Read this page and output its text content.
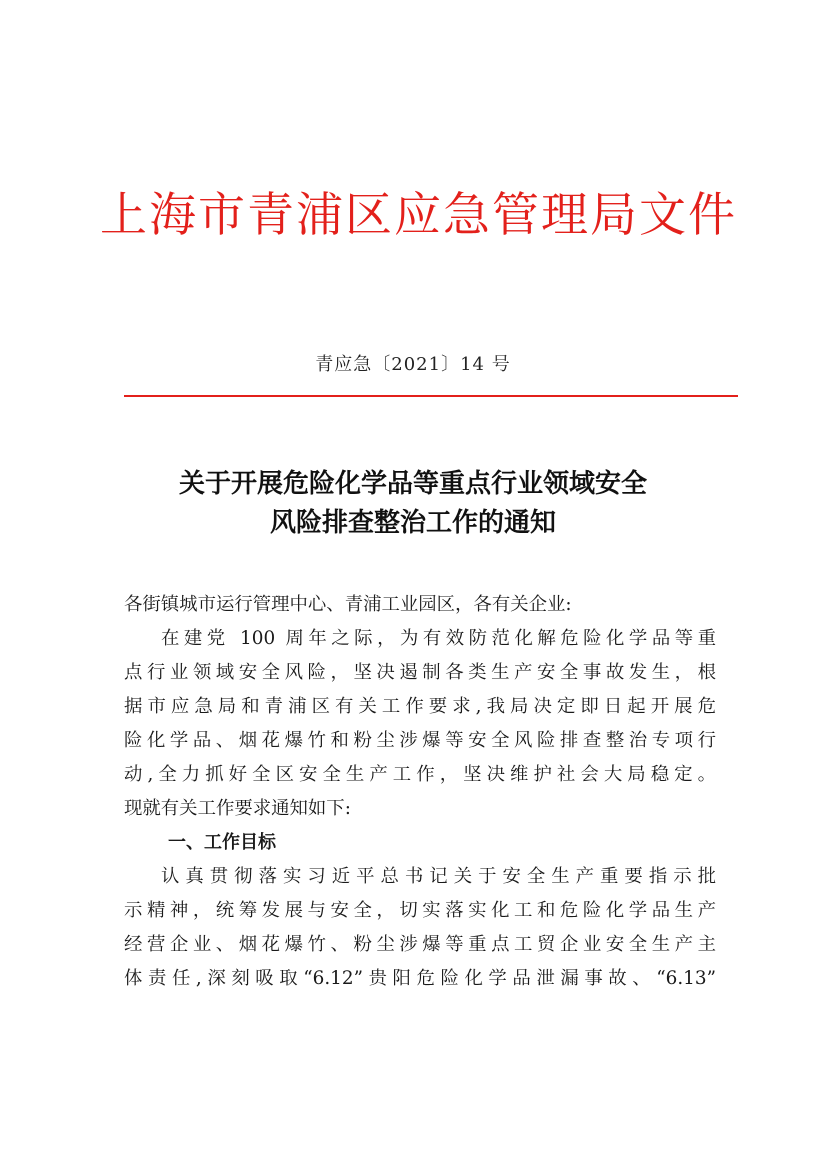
上海市青浦区应急管理局文件
青应急〔2021〕14 号
关于开展危险化学品等重点行业领域安全
风险排查整治工作的通知
各街镇城市运行管理中心、青浦工业园区，各有关企业:
在建党 100 周年之际，为有效防范化解危险化学品等重
点行业领域安全风险，坚决遏制各类生产安全事故发生，根
据市应急局和青浦区有关工作要求,我局决定即日起开展危
险化学品、烟花爆竹和粉尘涉爆等安全风险排查整治专项行
动,全力抓好全区安全生产工作，坚决维护社会大局稳定。
现就有关工作要求通知如下:
一、工作目标
认真贯彻落实习近平总书记关于安全生产重要指示批
示精神，统筹发展与安全，切实落实化工和危险化学品生产
经营企业、烟花爆竹、粉尘涉爆等重点工贸企业安全生产主
体责任,深刻吸取“6.12”贵阳危险化学品泄漏事故、“6.13”
